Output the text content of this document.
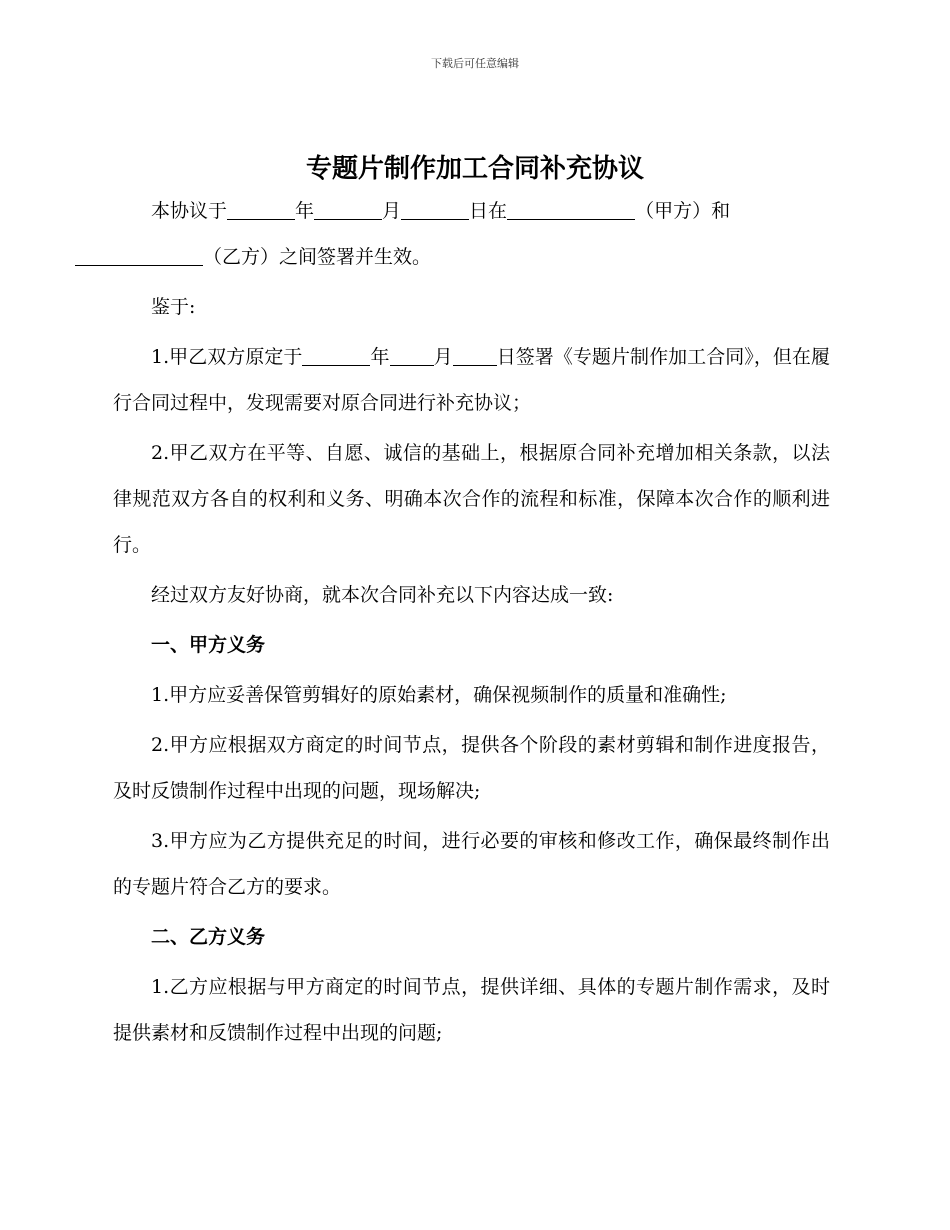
下载后可任意编辑
专题片制作加工合同补充协议

本协议于	年	月	日在	（甲方）和
（乙方）之间签署并生效。

鉴于:

1.甲乙双方原定于	年 月 日签署《专题片制作加工合同》，但在履行合同过程中，发现需要对原合同进行补充协议；

2.甲乙双方在平等、自愿、诚信的基础上，根据原合同补充增加相关条款，以法律规范双方各自的权利和义务、明确本次合作的流程和标准，保障本次合作的顺利进行。

经过双方友好协商，就本次合同补充以下内容达成一致:

一、甲方义务

1.甲方应妥善保管剪辑好的原始素材，确保视频制作的质量和准确性;

2.甲方应根据双方商定的时间节点，提供各个阶段的素材剪辑和制作进度报告，及时反馈制作过程中出现的问题，现场解决;

3.甲方应为乙方提供充足的时间，进行必要的审核和修改工作，确保最终制作出的专题片符合乙方的要求。

二、乙方义务

1.乙方应根据与甲方商定的时间节点，提供详细、具体的专题片制作需求，及时提供素材和反馈制作过程中出现的问题;
